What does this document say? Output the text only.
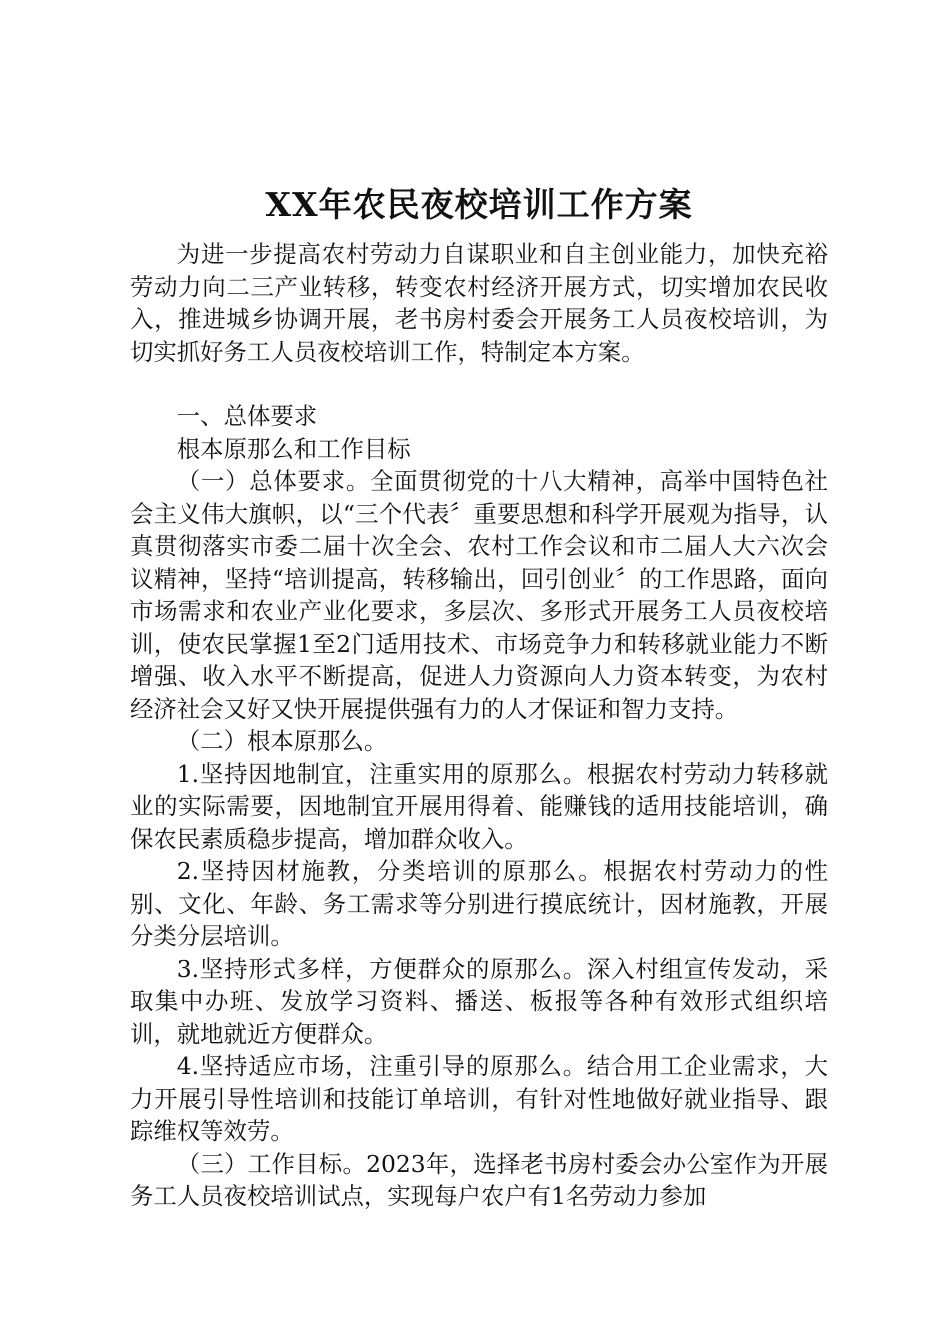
XX年农民夜校培训工作方案

为进一步提高农村劳动力自谋职业和自主创业能力，加快充裕劳动力向二三产业转移，转变农村经济开展方式，切实增加农民收入，推进城乡协调开展，老书房村委会开展务工人员夜校培训，为切实抓好务工人员夜校培训工作，特制定本方案。

一、总体要求

根本原那么和工作目标

（一）总体要求。全面贯彻党的十八大精神，高举中国特色社会主义伟大旗帜，以“三个代表〞重要思想和科学开展观为指导，认真贯彻落实市委二届十次全会、农村工作会议和市二届人大六次会议精神，坚持“培训提高，转移输出，回引创业〞的工作思路，面向市场需求和农业产业化要求，多层次、多形式开展务工人员夜校培训，使农民掌握1至2门适用技术、市场竞争力和转移就业能力不断增强、收入水平不断提高，促进人力资源向人力资本转变，为农村经济社会又好又快开展提供强有力的人才保证和智力支持。

（二）根本原那么。

1.坚持因地制宜，注重实用的原那么。根据农村劳动力转移就业的实际需要，因地制宜开展用得着、能赚钱的适用技能培训，确保农民素质稳步提高，增加群众收入。

2.坚持因材施教，分类培训的原那么。根据农村劳动力的性别、文化、年龄、务工需求等分别进行摸底统计，因材施教，开展分类分层培训。

3.坚持形式多样，方便群众的原那么。深入村组宣传发动，采取集中办班、发放学习资料、播送、板报等各种有效形式组织培训，就地就近方便群众。

4.坚持适应市场，注重引导的原那么。结合用工企业需求，大力开展引导性培训和技能订单培训，有针对性地做好就业指导、跟踪维权等效劳。

（三）工作目标。2023年，选择老书房村委会办公室作为开展务工人员夜校培训试点，实现每户农户有1名劳动力参加
